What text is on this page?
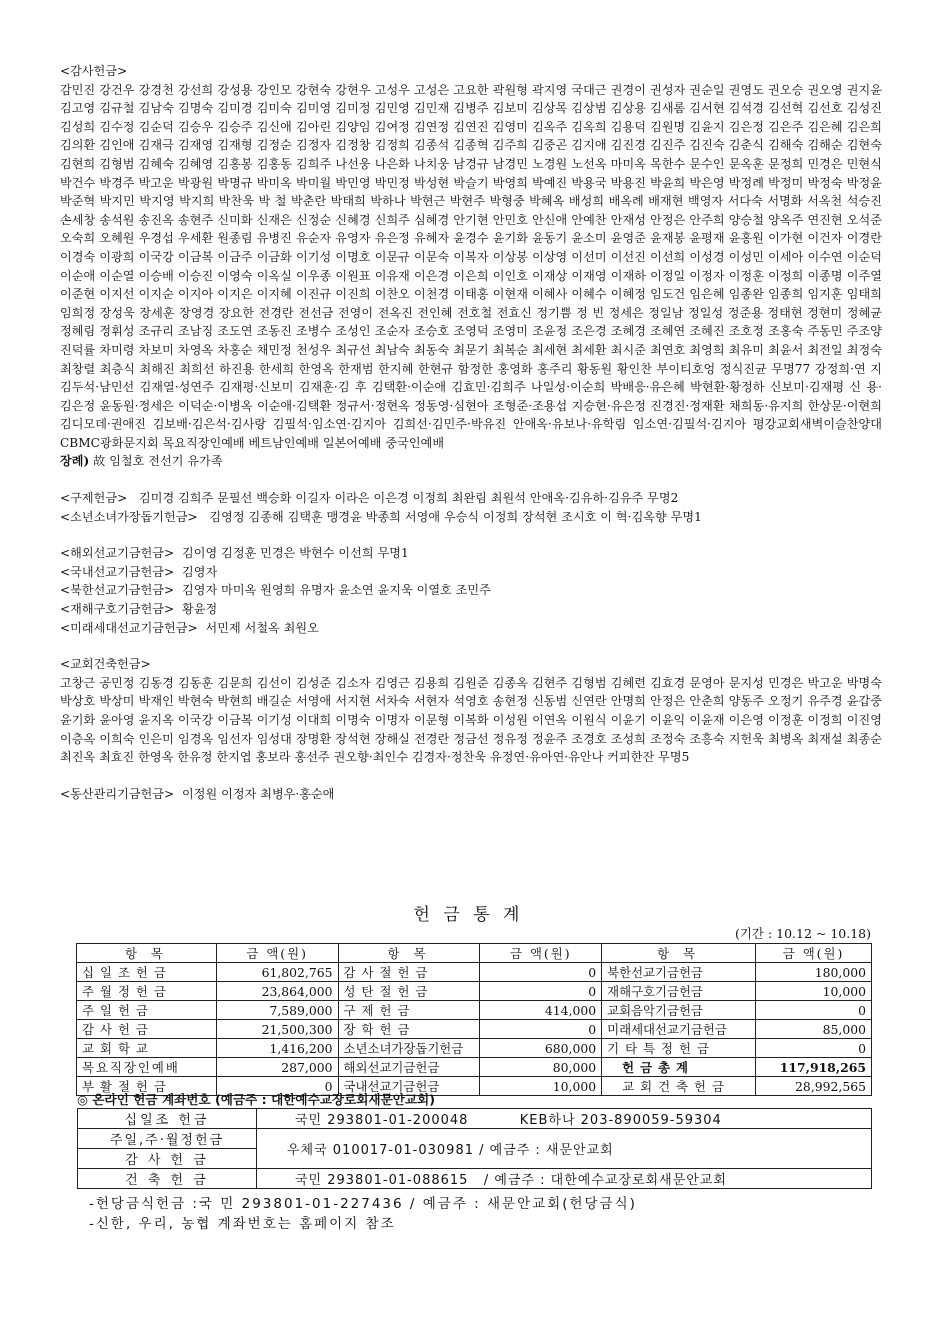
<감사헌금>
감민진 강건우 강경천 강선희 강성용 강인모 강현숙 강현우 고성우 고성은 고요한 곽원형 곽지영 국대근 권경이 권성자 권순일 권영도 권오승 권오영 권지윤 김고영 김규철 김남숙 김명숙 김미경 김미숙 김미영 김미정 김민영 김민재 김병주 김보미 김상목 김상범 김상용 김새롬 김서현 김석경 김선혁 김선호 김성진 김성희 김수정 김순덕 김승우 김승주 김신애 김아린 김양임 김여정 김연정 김연진 김영미 김옥주 김옥희 김용덕 김원명 김윤지 김은정 김은주 김은혜 김은희 김의환 김인애 김재극 김재영 김재형 김정순 김정자 김정창 김정희 김종석 김종혁 김주희 김중곤 김지애 김진경 김진주 김진숙 김춘식 김해숙 김해순 김현숙 김현희 김형범 김혜숙 김혜영 김홍봉 김홍동 김희주 나선웅 나은화 나치웅 남경규 남경민 노경원 노선옥 마미옥 목한수 문수인 문옥훈 문정희 민경은 민현식 박건수 박경주 박고운 박광원 박명규 박미옥 박미월 박민영 박민정 박성현 박슬기 박영희 박예진 박용국 박용진 박윤희 박은영 박정례 박정미 박정숙 박정윤 박준혁 박지민 박지영 박지희 박찬욱 박 철 박춘란 박태희 박하나 박현근 박현주 박형중 박혜옥 배성희 배옥례 배재현 백영자 서다숙 서명화 서옥천 석승진 손세창 송석원 송진옥 송현주 신미화 신재은 신정순 신혜경 신희주 심혜경 안기현 안민호 안신애 안예찬 안재성 안정은 안주희 양승철 양옥주 연진현 오석준 오숙희 오혜원 우경섭 우세환 원종림 유병진 유순자 유영자 유은정 유혜자 윤경수 윤기화 윤동기 윤소미 윤영준 윤재봉 윤평재 윤홍원 이가현 이건자 이경란 이경숙 이광희 이국강 이금복 이금주 이금화 이기성 이명호 이문규 이문숙 이복자 이상봉 이상영 이선미 이선진 이선희 이성경 이성민 이세아 이수연 이순덕 이순애 이순열 이승배 이승진 이영숙 이옥실 이우종 이원표 이유재 이은경 이은희 이인호 이재상 이재영 이재하 이정일 이정자 이정훈 이정희 이종명 이주열 이준현 이지선 이지순 이지아 이지은 이지혜 이진규 이진희 이찬오 이천경 이태홍 이현재 이혜사 이혜수 이혜정 임도건 임은혜 임종완 임종희 임지훈 임태희 임희정 장성욱 장세훈 장영경 장요한 전경란 전선금 전영이 전옥진 전인혜 전호철 전효신 정기쁨 정 빈 정세은 정일남 정일성 정준용 정태현 정현미 정혜균 정혜림 정휘성 조규리 조남징 조도연 조동진 조병수 조성인 조순자 조승호 조영덕 조영미 조윤정 조은경 조혜경 조혜연 조혜진 조호정 조홍숙 주동민 주조양 진덕률 차미령 차보미 차영옥 차홍순 채민정 천성우 최규선 최남숙 최동숙 최문기 최복순 최세현 최세환 최시준 최연호 최영희 최유미 최윤서 최전일 최정숙 최창렬 최층식 최해진 최희선 하진용 한세희 한영옥 한재범 한지혜 한현규 함정한 홍영화 홍주리 황동원 황인찬 부이티호엉 정식진균 무명77 강정희·연 지 김두석·남민선 김재열·성연주 김재평·신보미 김재훈·김 후 김택환·이순애 김효민·김희주 나일성·이순희 박배응·유은혜 박현환·황정하 신보미·김재평 신 용·김은정 윤동원·정세은 이덕순·이병옥 이순애·김택환 정규서·정현옥 정동영·심현아 조형준·조용섭 지승현·유은정 진경진·정재환 채희동·유지희 한상문·이현희 김디모데·권애진 김보배·김은석·김사랑 김필석·임소연·김지아 김희선·김민주·박유진 안애옥·유보나·유학림 임소연·김필석·김지아 평강교회새벽이슬찬양대 CBMC광화문지회 목요직장인예배 베트남인예배 일본어예배 중국인예배
장례) 故 임철호 전선기 유가족
<구제헌금> 김미경 김희주 문필선 백승화 이길자 이라은 이은경 이정희 최완림 최원석 안애옥·김유하·김유주 무명2
<소년소녀가장돕기헌금> 김영정 김종해 김택훈 맹경윤 박종희 서영애 우승식 이정희 장석현 조시호 이 혁·김옥향 무명1
<해외선교기금헌금> 김이영 김정훈 민경은 박현수 이선희 무명1
<국내선교기금헌금> 김영자
<북한선교기금헌금> 김영자 마미옥 원영희 유명자 윤소연 윤지욱 이열호 조민주
<재해구호기금헌금> 황윤정
<미래세대선교기금헌금> 서민제 서철옥 최원오
<교회건축헌금>
고창근 공민정 김동경 김동훈 김문희 김선이 김성준 김소자 김영근 김용희 김원준 김종옥 김현주 김형범 김혜련 김효경 문영아 문지성 민경은 박고운 박명숙 박상호 박상미 박재인 박현숙 박현희 배길순 서영애 서지현 서차숙 서현자 석영호 송현정 신동범 신연란 안명희 안정은 안춘희 양동주 오정기 유주경 윤갑중 윤기화 윤아영 윤지옥 이국강 이금복 이기성 이대희 이명숙 이명자 이문형 이복화 이성원 이연옥 이원식 이윤기 이윤익 이윤재 이은영 이정훈 이정희 이진영 이층옥 이희숙 인은미 임경옥 임선자 임성대 장명환 장석현 장해실 전경란 정금선 정유정 정윤주 조경호 조성희 조정숙 조흥숙 지헌욱 최병옥 최재설 최종순 최진옥 최효진 한영옥 한유정 한지엽 홍보라 홍선주 권오향·최인수 김경자·정찬욱 유정연·유아연·유안나 커피한잔 무명5
<동산관리기금헌금> 이정원 이정자 최병우·홍순애
헌 금 통 계
(기간 : 10.12 ~ 10.18)
항 목	금 액(원)	항 목	금 액(원)	항 목	금 액(원)
십일조헌금	61,802,765	감사절헌금	0	북한선교기금헌금	180,000
주월정헌금	23,864,000	성탄절헌금	0	재해구호기금헌금	10,000
주일헌금	7,589,000	구제헌금	414,000	교회음악기금헌금	0
감사헌금	21,500,300	장학헌금	0	미래세대선교기금헌금	85,000
교회학교	1,416,200	소년소녀가장돕기헌금	680,000	기타특정헌금	0
목요직장인예배	287,000	해외선교기금헌금	80,000	헌금총계	117,918,265
부활절헌금	0	국내선교기금헌금	10,000	교회건축헌금	28,992,565
◎ 온라인 헌금 계좌번호 (예금주 : 대한예수교장로회새문안교회)
십일조 헌금	국민 293801-01-200048          KEB하나 203-890059-59304
주일,주·월정헌금	우체국 010017-01-030981 / 예금주 : 새문안교회
감 사 헌 금	
건 축 헌 금	국민 293801-01-088615   / 예금주 : 대한예수교장로회새문안교회
-헌당금식헌금 :국 민 293801-01-227436 / 예금주 : 새문안교회(헌당금식)
-신한, 우리, 농협 계좌번호는 홈페이지 참조
